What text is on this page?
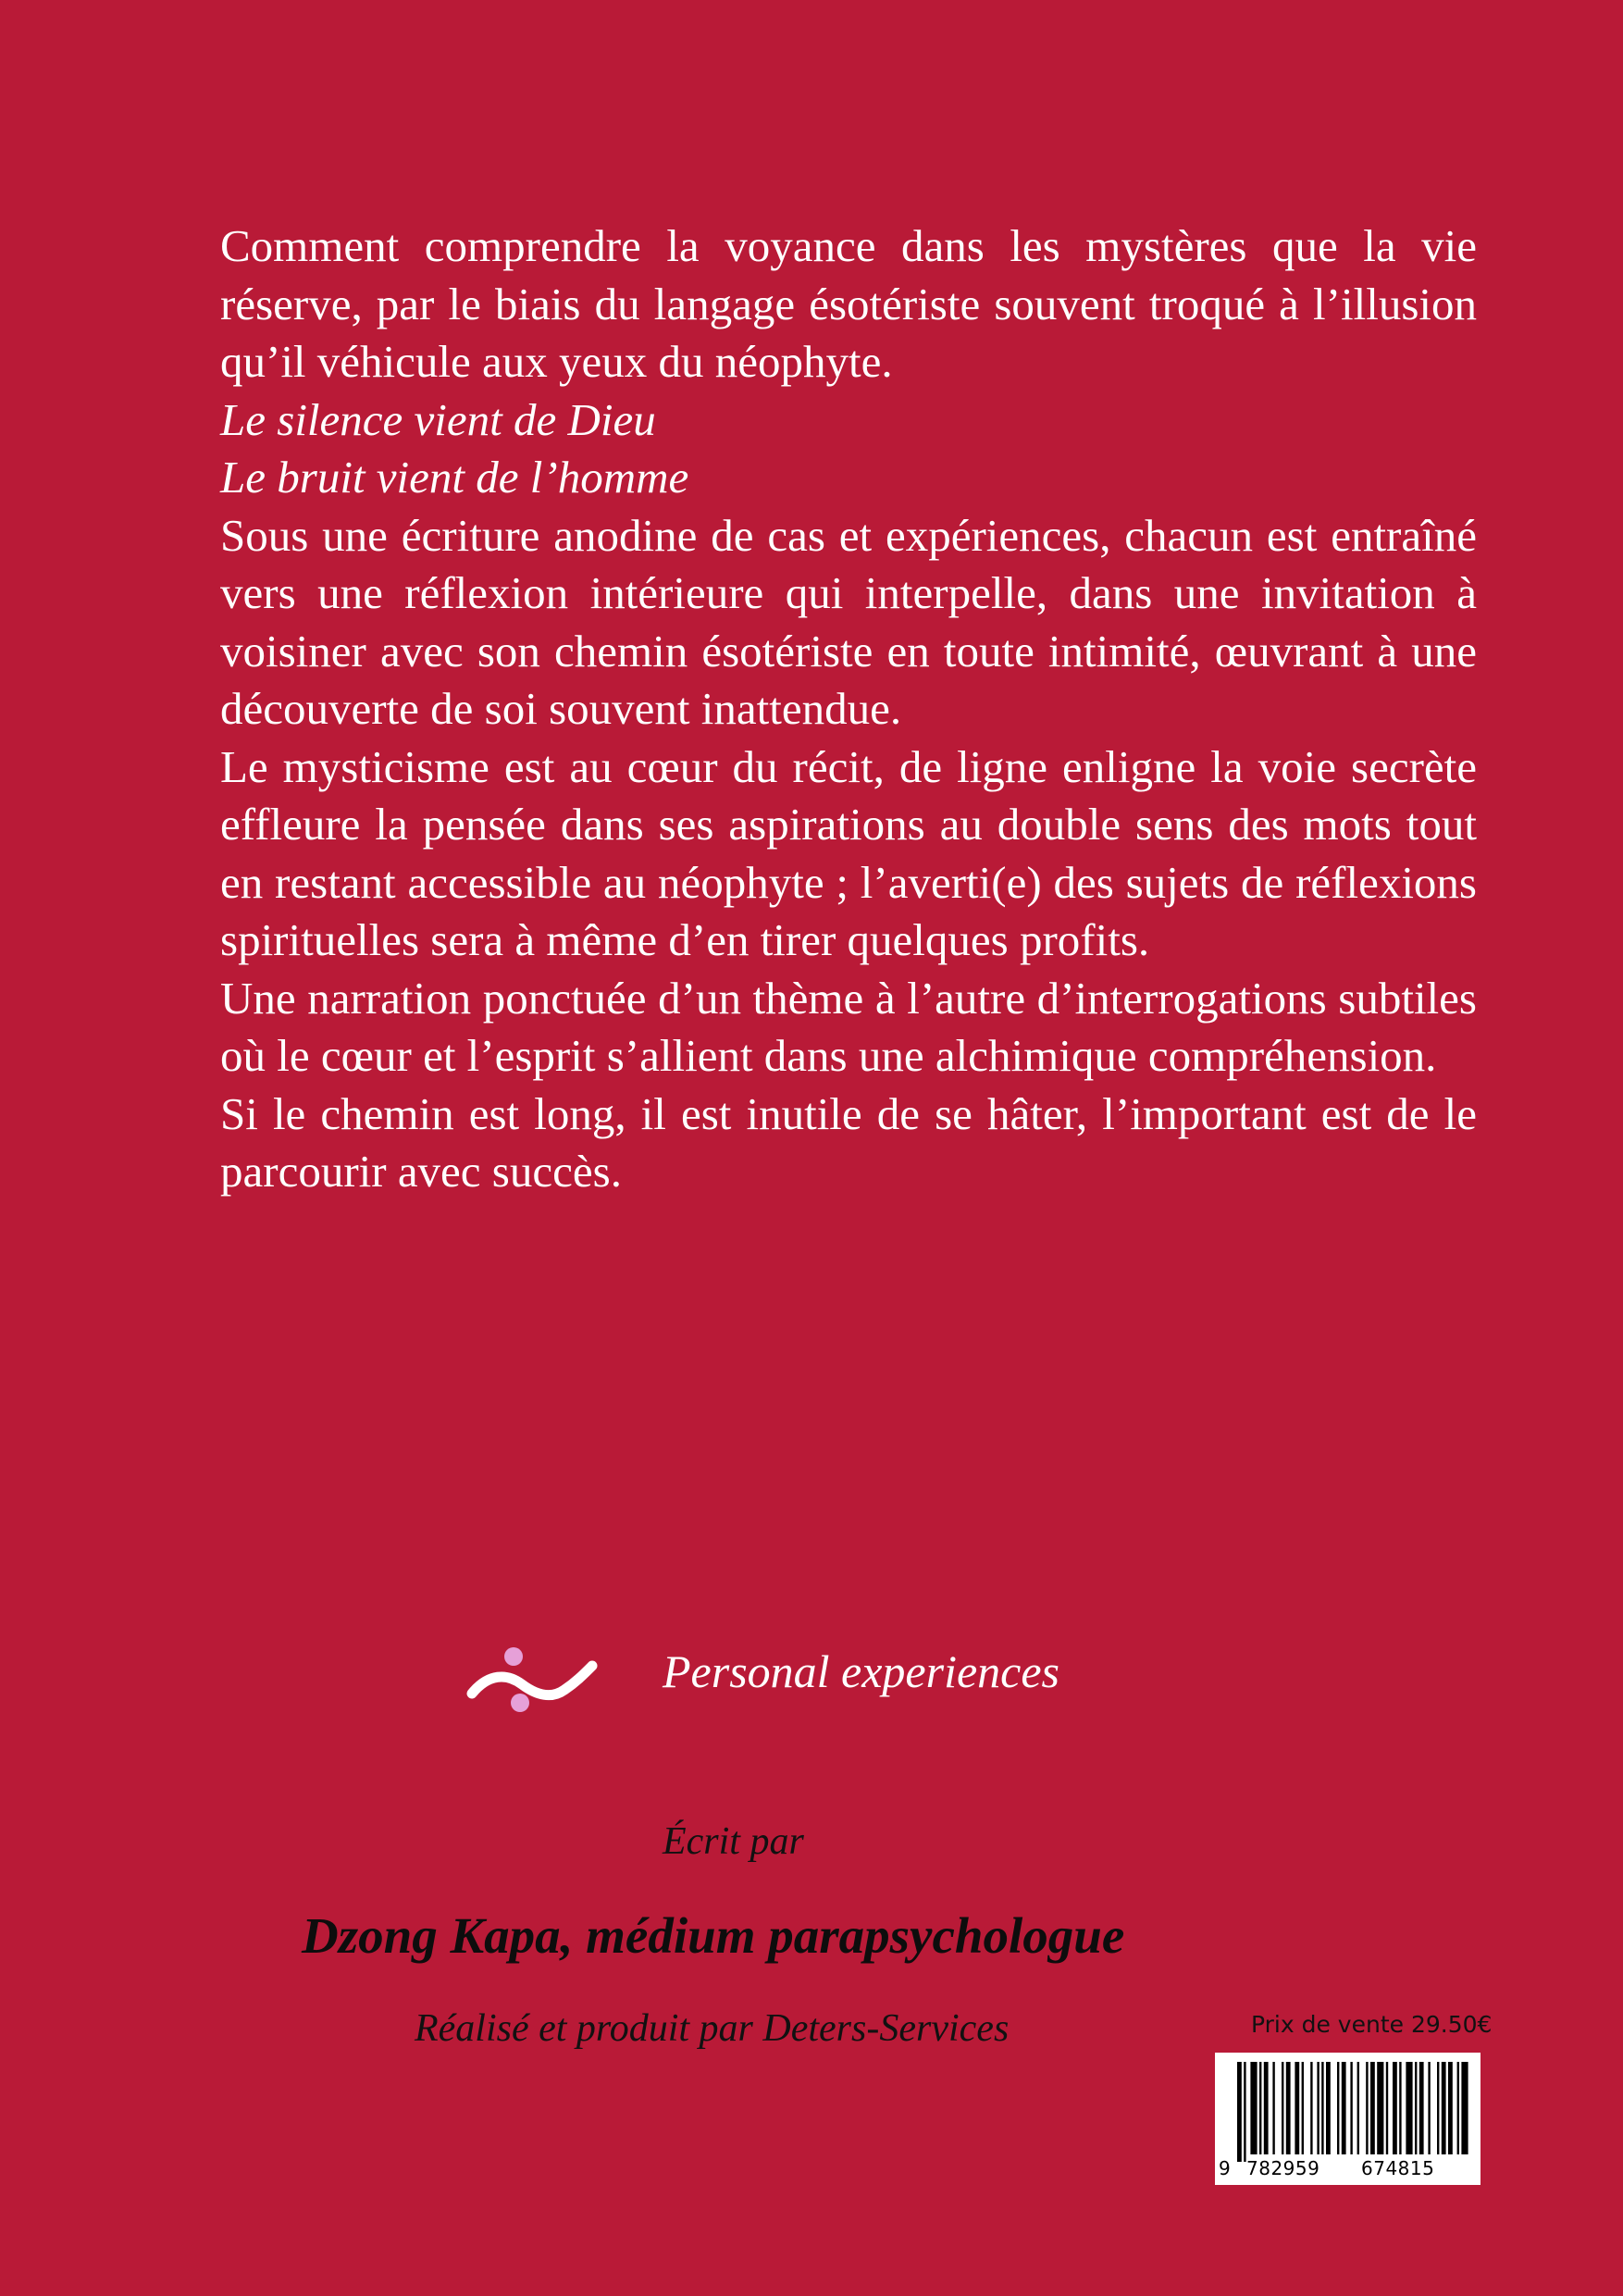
Comment comprendre la voyance dans les mystères que la vie réserve, par le biais du langage ésotériste souvent troqué à l’illusion qu’il véhicule aux yeux du néophyte.

Le silence vient de Dieu

Le bruit vient de l’homme

Sous une écriture anodine de cas et expériences, chacun est entraîné vers une réflexion intérieure qui interpelle, dans une invitation à voisiner avec son chemin ésotériste en toute intimité, œuvrant à une découverte de soi souvent inattendue.

Le mysticisme est au cœur du récit, de ligne enligne la voie secrète effleure la pensée dans ses aspirations au double sens des mots tout en restant accessible au néophyte ; l’averti(e) des sujets de réflexions spirituelles sera à même d’en tirer quelques profits.

Une narration ponctuée d’un thème à l’autre d’interrogations subtiles où le cœur et l’esprit s’allient dans une alchimique compréhension.

Si le chemin est long, il est inutile de se hâter, l’important est de le parcourir avec succès.

Personal experiences
Écrit par
Dzong Kapa, médium parapsychologue
Réalisé et produit par Deters-Services	Prix de vente 29.50€
9 782959 674815
